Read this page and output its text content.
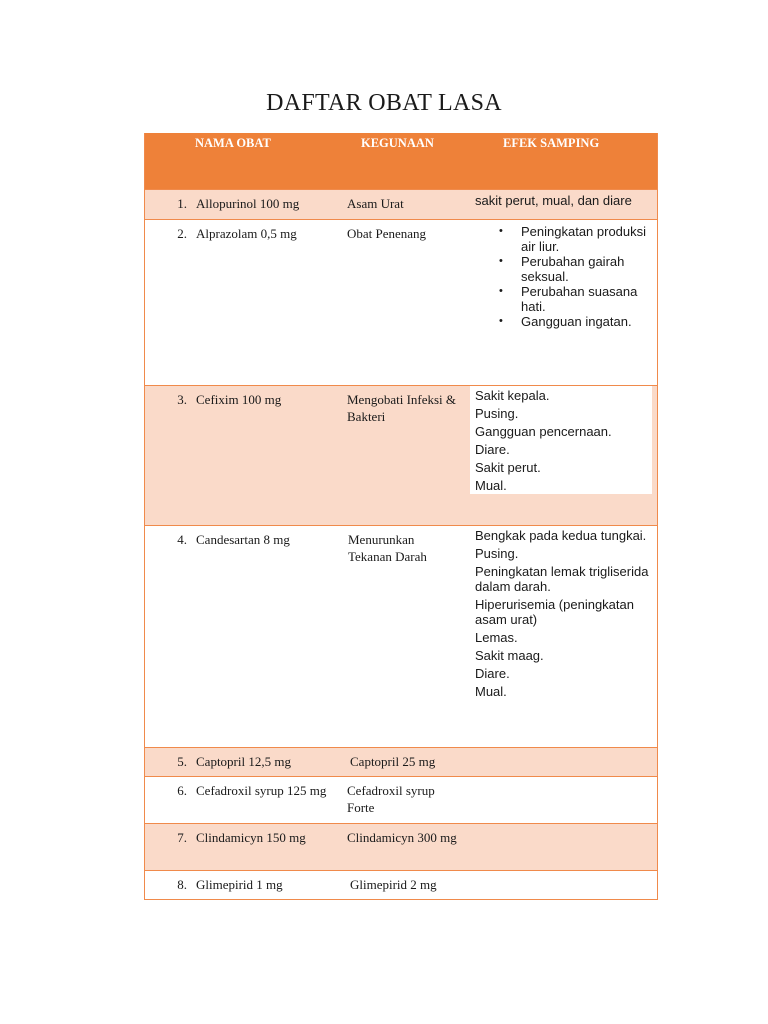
DAFTAR OBAT LASA
NAMA OBAT	KEGUNAAN	EFEK SAMPING
1. Allopurinol 100 mg	Asam Urat	sakit perut, mual, dan diare
2. Alprazolam 0,5 mg	Obat Penenang
•	Peningkatan produksi air liur.
• Perubahan gairah seksual.
• Perubahan suasana hati.
• Gangguan ingatan.
3. Cefixim 100 mg	Mengobati Infeksi & Bakteri
Sakit kepala.
Pusing.
Gangguan pencernaan.
Diare.
Sakit perut.
Mual.
4. Candesartan 8 mg	Menurunkan Tekanan Darah
Bengkak pada kedua tungkai.
Pusing.
Peningkatan lemak trigliserida dalam darah.
Hiperurisemia (peningkatan asam urat)
Lemas.
Sakit maag.
Diare.
Mual.
5. Captopril 12,5 mg	Captopril 25 mg
6. Cefadroxil syrup 125 mg Cefadroxil syrup Forte
7. Clindamicyn 150 mg	Clindamicyn 300 mg
8. Glimepirid 1 mg	Glimepirid 2 mg
